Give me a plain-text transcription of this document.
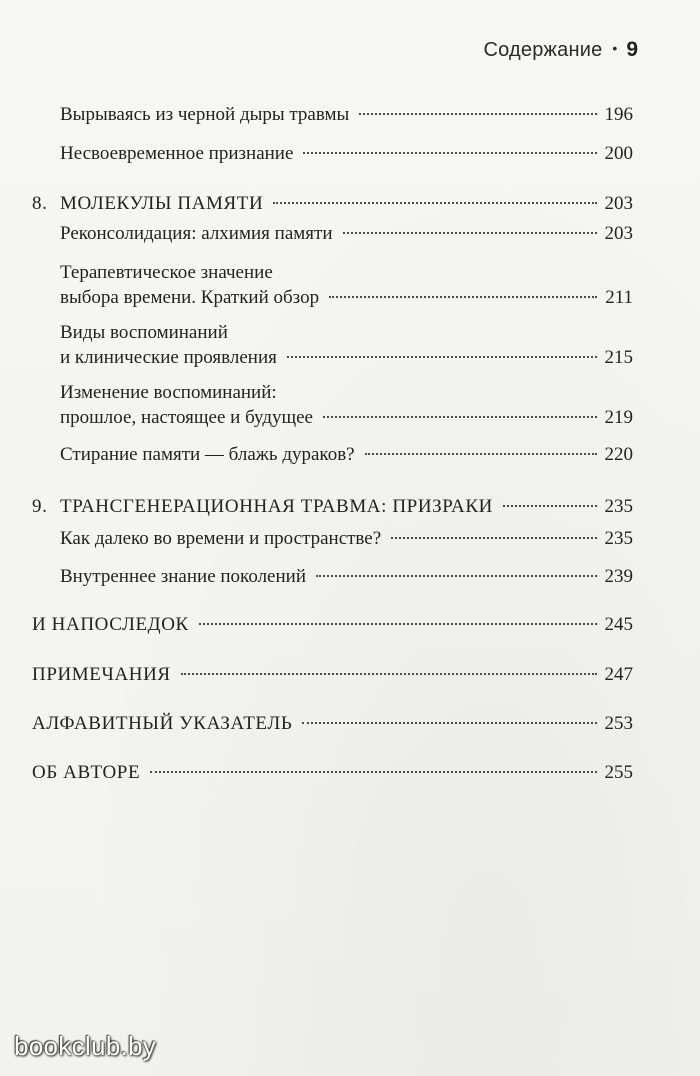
Содержание • 9
Вырываясь из черной дыры травмы	196
Несвоевременное признание	200
8. МОЛЕКУЛЫ ПАМЯТИ	203
Реконсолидация: алхимия памяти	203
Терапевтическое значение
выбора времени. Краткий обзор	211
Виды воспоминаний
и клинические проявления	215
Изменение воспоминаний:
прошлое, настоящее и будущее	219
Стирание памяти — блажь дураков?	220
9. ТРАНСГЕНЕРАЦИОННАЯ ТРАВМА: ПРИЗРАКИ	235
Как далеко во времени и пространстве?	235
Внутреннее знание поколений	239
И НАПОСЛЕДОК	245
ПРИМЕЧАНИЯ	247
АЛФАВИТНЫЙ УКАЗАТЕЛЬ	253
ОБ АВТОРЕ	255
bookclub.by
